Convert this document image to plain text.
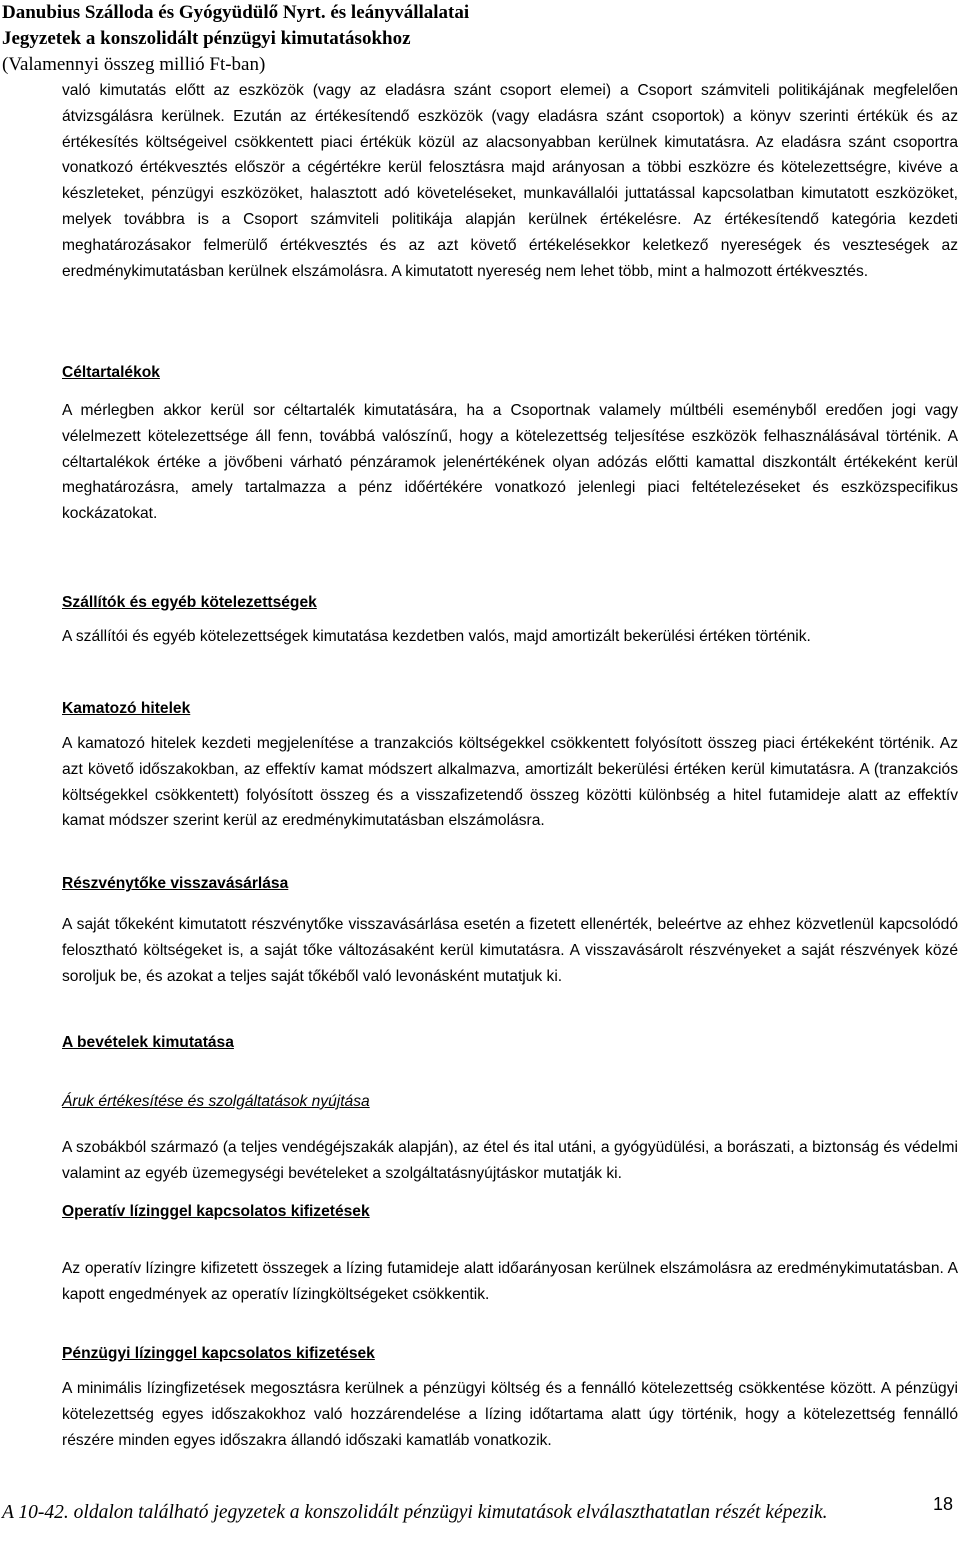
Danubius Szálloda és Gyógyüdülő Nyrt. és leányvállalatai
Jegyzetek a konszolidált pénzügyi kimutatásokhoz
(Valamennyi összeg millió Ft-ban)
való kimutatás előtt az eszközök (vagy az eladásra szánt csoport elemei) a Csoport számviteli politikájának megfelelően átvizsgálásra kerülnek. Ezután az értékesítendő eszközök (vagy eladásra szánt csoportok) a könyv szerinti értékük és az értékesítés költségeivel csökkentett piaci értékük közül az alacsonyabban kerülnek kimutatásra. Az eladásra szánt csoportra vonatkozó értékvesztés először a cégértékre kerül felosztásra majd arányosan a többi eszközre és kötelezettségre, kivéve a készleteket, pénzügyi eszközöket, halasztott adó követeléseket, munkavállalói juttatással kapcsolatban kimutatott eszközöket, melyek továbbra is a Csoport számviteli politikája alapján kerülnek értékelésre. Az értékesítendő kategória kezdeti meghatározásakor felmerülő értékvesztés és az azt követő értékelésekkor keletkező nyereségek és veszteségek az eredménykimutatásban kerülnek elszámolásra. A kimutatott nyereség nem lehet több, mint a halmozott értékvesztés.
Céltartalékok
A mérlegben akkor kerül sor céltartalék kimutatására, ha a Csoportnak valamely múltbéli eseményből eredően jogi vagy vélelmezett kötelezettsége áll fenn, továbbá valószínű, hogy a kötelezettség teljesítése eszközök felhasználásával történik. A céltartalékok értéke a jövőbeni várható pénzáramok jelenértékének olyan adózás előtti kamattal diszkontált értékeként kerül meghatározásra, amely tartalmazza a pénz időértékére vonatkozó jelenlegi piaci feltételezéseket és eszközspecifikus kockázatokat.
Szállítók és egyéb kötelezettségek
A szállítói és egyéb kötelezettségek kimutatása kezdetben valós, majd amortizált bekerülési értéken történik.
Kamatozó hitelek
A kamatozó hitelek kezdeti megjelenítése a tranzakciós költségekkel csökkentett folyósított összeg piaci értékeként történik. Az azt követő időszakokban, az effektív kamat módszert alkalmazva, amortizált bekerülési értéken kerül kimutatásra. A (tranzakciós költségekkel csökkentett) folyósított összeg és a visszafizetendő összeg közötti különbség a hitel futamideje alatt az effektív kamat módszer szerint kerül az eredménykimutatásban elszámolásra.
Részvénytőke visszavásárlása
A saját tőkeként kimutatott részvénytőke visszavásárlása esetén a fizetett ellenérték, beleértve az ehhez közvetlenül kapcsolódó felosztható költségeket is, a saját tőke változásaként kerül kimutatásra. A visszavásárolt részvényeket a saját részvények közé soroljuk be, és azokat a teljes saját tőkéből való levonásként mutatjuk ki.
A bevételek kimutatása
Áruk értékesítése és szolgáltatások nyújtása
A szobákból származó (a teljes vendégéjszakák alapján), az étel és ital utáni, a gyógyüdülési, a borászati, a biztonság és védelmi valamint az egyéb üzemegységi bevételeket a szolgáltatásnyújtáskor mutatják ki.
Operatív lízinggel kapcsolatos kifizetések
Az operatív lízingre kifizetett összegek a lízing futamideje alatt időarányosan kerülnek elszámolásra az eredménykimutatásban. A kapott engedmények az operatív lízingköltségeket csökkentik.
Pénzügyi lízinggel kapcsolatos kifizetések
A minimális lízingfizetések megosztásra kerülnek a pénzügyi költség és a fennálló kötelezettség csökkentése között. A pénzügyi kötelezettség egyes időszakokhoz való hozzárendelése a lízing időtartama alatt úgy történik, hogy a kötelezettség fennálló részére minden egyes időszakra állandó időszaki kamatláb vonatkozik.
A 10-42. oldalon található jegyzetek a konszolidált pénzügyi kimutatások elválaszthatatlan részét képezik.	18
